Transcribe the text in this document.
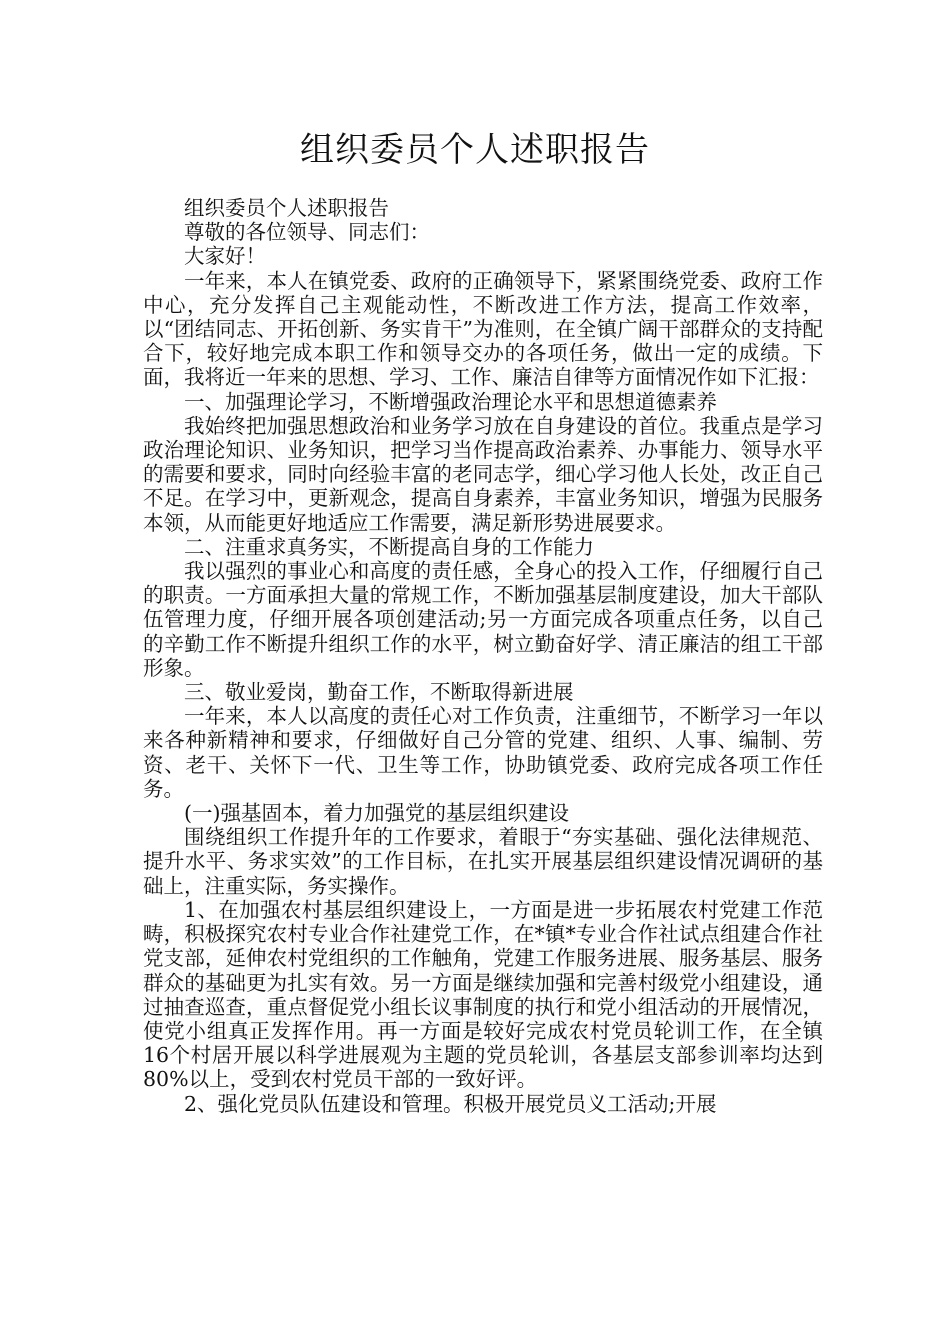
组织委员个人述职报告

组织委员个人述职报告

尊敬的各位领导、同志们：

大家好！

一年来，本人在镇党委、政府的正确领导下，紧紧围绕党委、政府工作中心，充分发挥自己主观能动性，不断改进工作方法，提高工作效率，以“团结同志、开拓创新、务实肯干”为准则，在全镇广阔干部群众的支持配合下，较好地完成本职工作和领导交办的各项任务，做出一定的成绩。下面，我将近一年来的思想、学习、工作、廉洁自律等方面情况作如下汇报：

一、加强理论学习，不断增强政治理论水平和思想道德素养

我始终把加强思想政治和业务学习放在自身建设的首位。我重点是学习政治理论知识、业务知识，把学习当作提高政治素养、办事能力、领导水平的需要和要求，同时向经验丰富的老同志学，细心学习他人长处，改正自己不足。在学习中，更新观念，提高自身素养，丰富业务知识，增强为民服务本领，从而能更好地适应工作需要，满足新形势进展要求。

二、注重求真务实，不断提高自身的工作能力

我以强烈的事业心和高度的责任感，全身心的投入工作，仔细履行自己的职责。一方面承担大量的常规工作，不断加强基层制度建设，加大干部队伍管理力度，仔细开展各项创建活动;另一方面完成各项重点任务，以自己的辛勤工作不断提升组织工作的水平，树立勤奋好学、清正廉洁的组工干部形象。

三、敬业爱岗，勤奋工作，不断取得新进展

一年来，本人以高度的责任心对工作负责，注重细节，不断学习一年以来各种新精神和要求，仔细做好自己分管的党建、组织、人事、编制、劳资、老干、关怀下一代、卫生等工作，协助镇党委、政府完成各项工作任务。

(一)强基固本，着力加强党的基层组织建设

围绕组织工作提升年的工作要求，着眼于“夯实基础、强化法律规范、提升水平、务求实效”的工作目标，在扎实开展基层组织建设情况调研的基础上，注重实际，务实操作。

1、在加强农村基层组织建设上，一方面是进一步拓展农村党建工作范畴，积极探究农村专业合作社建党工作，在*镇*专业合作社试点组建合作社党支部，延伸农村党组织的工作触角，党建工作服务进展、服务基层、服务群众的基础更为扎实有效。另一方面是继续加强和完善村级党小组建设，通过抽查巡查，重点督促党小组长议事制度的执行和党小组活动的开展情况，使党小组真正发挥作用。再一方面是较好完成农村党员轮训工作，在全镇16个村居开展以科学进展观为主题的党员轮训，各基层支部参训率均达到80%以上，受到农村党员干部的一致好评。

2、强化党员队伍建设和管理。积极开展党员义工活动;开展
